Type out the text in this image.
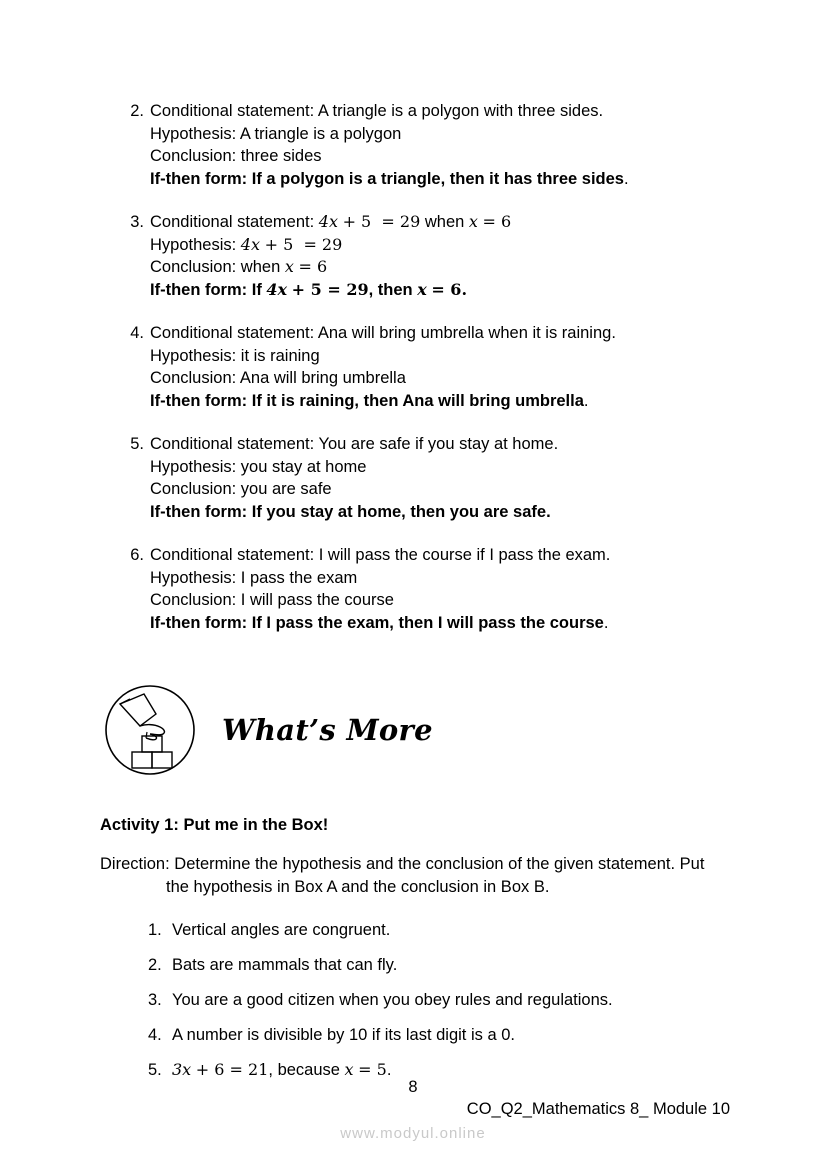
2. Conditional statement: A triangle is a polygon with three sides.
Hypothesis: A triangle is a polygon
Conclusion: three sides
If-then form: If a polygon is a triangle, then it has three sides.
3. Conditional statement: 4x + 5  = 29 when x = 6
Hypothesis: 4x + 5  = 29
Conclusion: when x = 6
If-then form: If 4x + 5 = 29, then x = 6.
4. Conditional statement: Ana will bring umbrella when it is raining.
Hypothesis: it is raining
Conclusion: Ana will bring umbrella
If-then form: If it is raining, then Ana will bring umbrella.
5. Conditional statement: You are safe if you stay at home.
Hypothesis: you stay at home
Conclusion: you are safe
If-then form: If you stay at home, then you are safe.
6. Conditional statement: I will pass the course if I pass the exam.
Hypothesis: I pass the exam
Conclusion: I will pass the course
If-then form: If I pass the exam, then I will pass the course.
What’s More
Activity 1: Put me in the Box!
Direction: Determine the hypothesis and the conclusion of the given statement. Put
the hypothesis in Box A and the conclusion in Box B.
1. Vertical angles are congruent.
2. Bats are mammals that can fly.
3. You are a good citizen when you obey rules and regulations.
4. A number is divisible by 10 if its last digit is a 0.
5. 3x + 6 = 21, because x = 5.
8
CO_Q2_Mathematics 8_ Module 10
www.modyul.online
